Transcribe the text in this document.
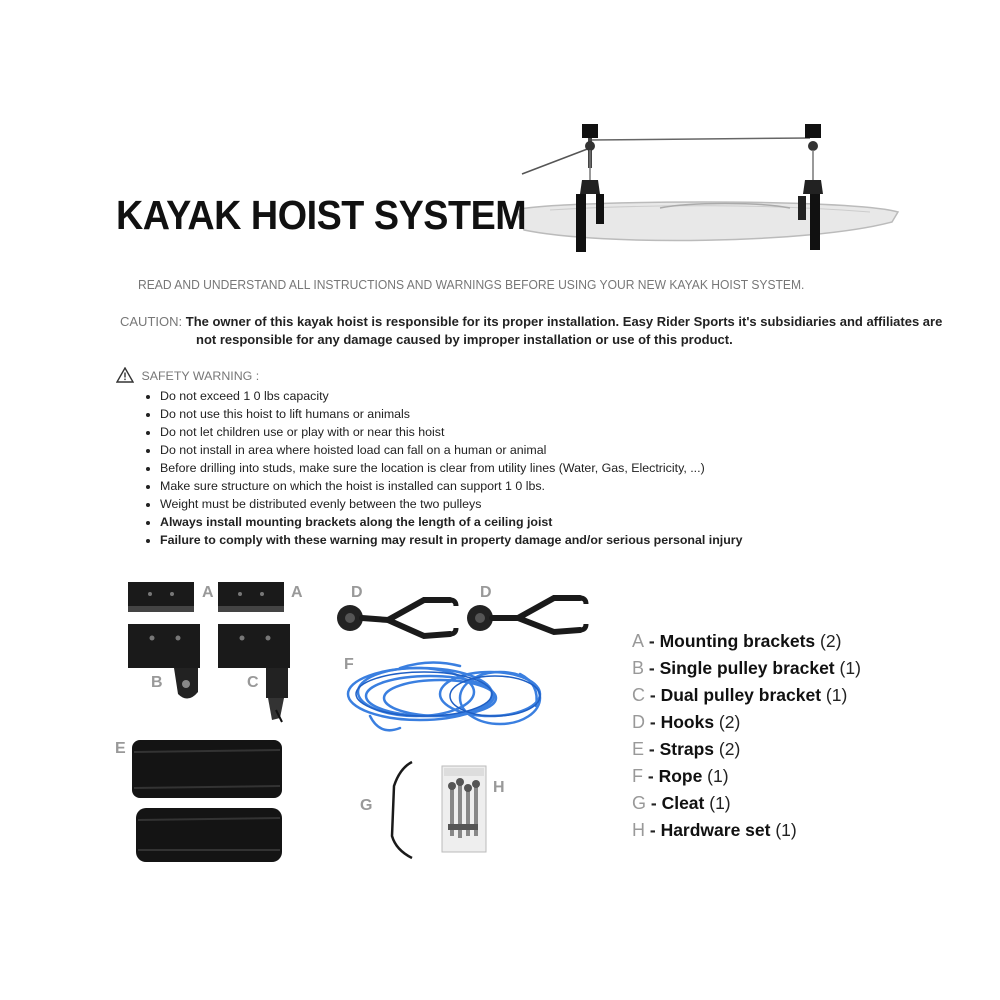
KAYAK HOIST SYSTEM
READ AND UNDERSTAND ALL INSTRUCTIONS AND WARNINGS BEFORE USING YOUR NEW KAYAK HOIST SYSTEM.
CAUTION:
The owner of this kayak hoist is responsible for its proper installation. Easy Rider Sports it's subsidiaries and affiliates are
not responsible for any damage caused by improper installation or use of this product.
SAFETY WARNING :
• Do not exceed 1 0 lbs capacity
• Do not use this hoist to lift humans or animals
• Do not let children use or play with or near this hoist
• Do not install in area where hoisted load can fall on a human or animal
• Before drilling into studs, make sure the location is clear from utility lines (Water, Gas, Electricity, ...)
• Make sure structure on which the hoist is installed can support 1 0 lbs.
• Weight must be distributed evenly between the two pulleys
• Always install mounting brackets along the length of a ceiling joist
• Failure to comply with these warning may result in property damage and/or serious personal injury
A	A
B	C
D	D
F
E
G
H
A - Mounting brackets (2)
B - Single pulley bracket (1)
C - Dual pulley bracket (1)
D - Hooks (2)
E - Straps (2)
F - Rope (1)
G - Cleat (1)
H - Hardware set (1)
